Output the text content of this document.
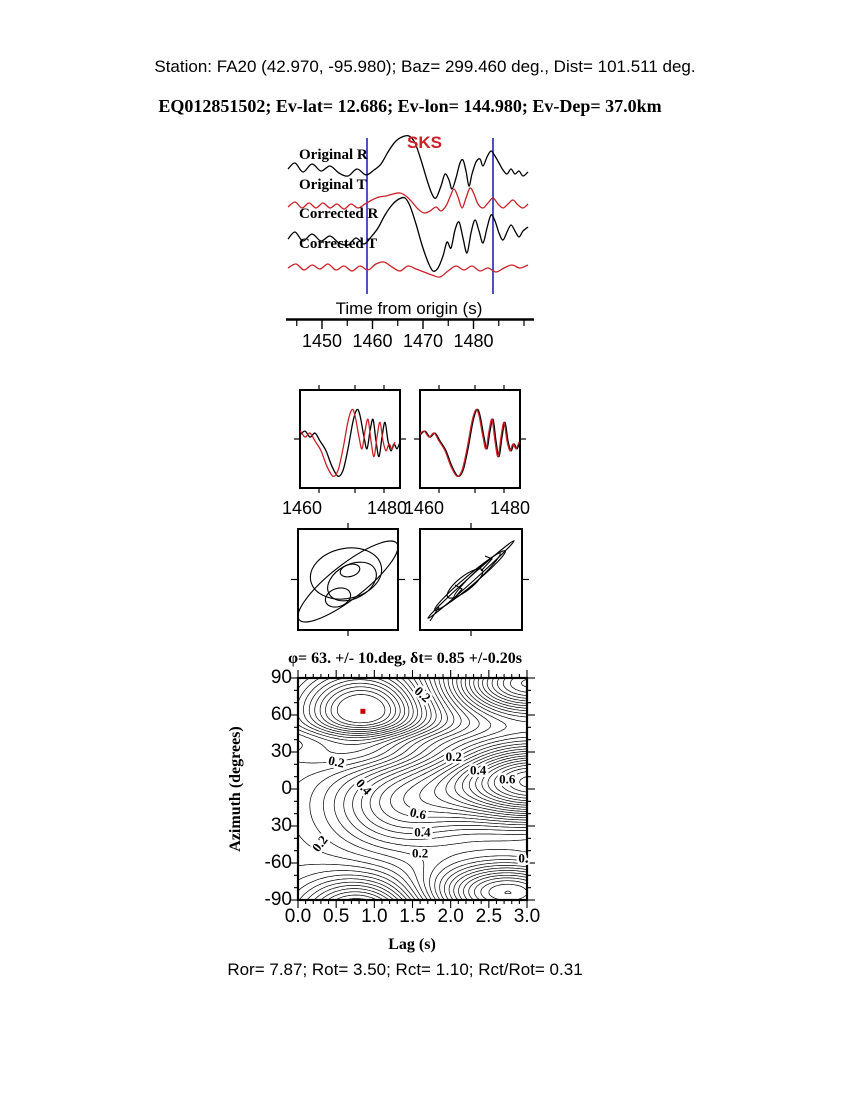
0.2
0.2
0.4
0.6
0.2
0.4
0.6
0.4
0.2
0.2
0.
Station: FA20 (42.970, -95.980); Baz= 299.460 deg., Dist= 101.511 deg.
EQ012851502; Ev-lat= 12.686; Ev-lon= 144.980; Ev-Dep= 37.0km
SKS
Original R
Original T
Corrected R
Corrected T
Time from origin (s)
φ= 63. +/- 10.deg, δt= 0.85 +/-0.20s
Azimuth (degrees)
Lag (s)
Ror= 7.87; Rot= 3.50; Rct= 1.10; Rct/Rot= 0.31
1450 1460 1470 1480
1460 1480
1460	1480
90
60
30
0
30
-60
-90
0.0 0.5 1.0 1.5 2.0 2.5 3.0
